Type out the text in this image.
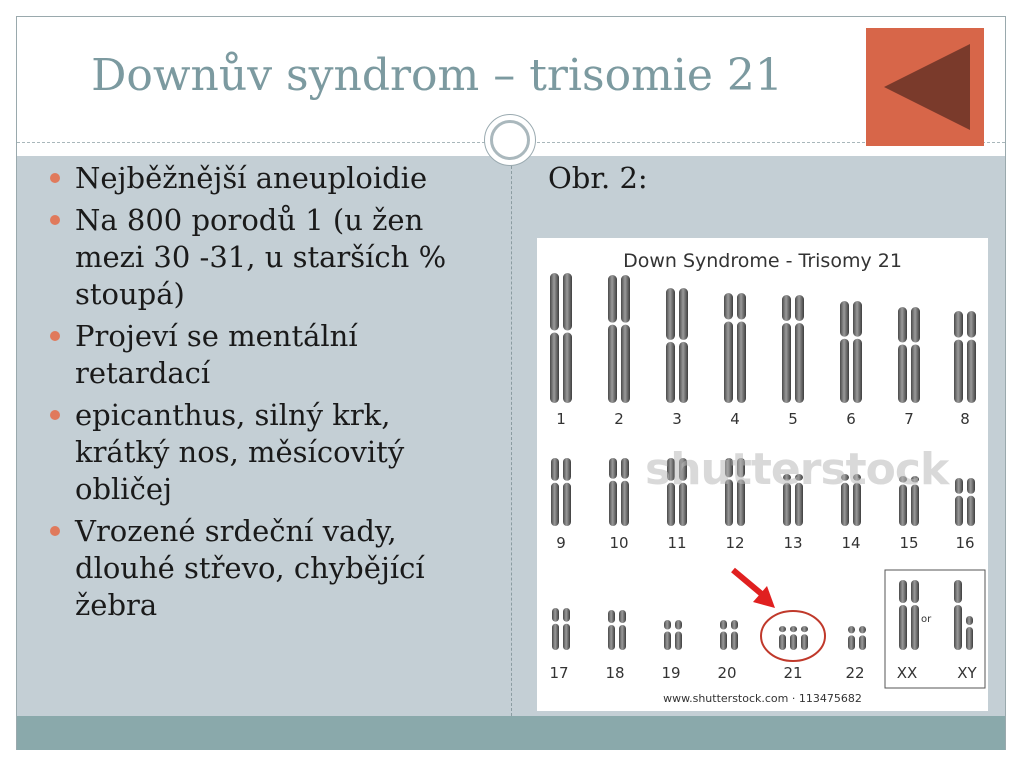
Downův syndrom – trisomie 21
Nejběžnější aneuploidie
Na 800 porodů 1 (u žen mezi 30 -31, u starších % stoupá)
Projeví se mentální retardací
epicanthus, silný krk, krátký nos, měsícovitý obličej
Vrozené srdeční vady, dlouhé střevo, chybějící žebra
Obr. 2:
Down Syndrome - Trisomy 21
shutterstock
or
1	2	3	4	5	6	7	8
9	10	11	12	13	14	15	16
17	18	19	20	21	22	XX	XY
www.shutterstock.com · 113475682
